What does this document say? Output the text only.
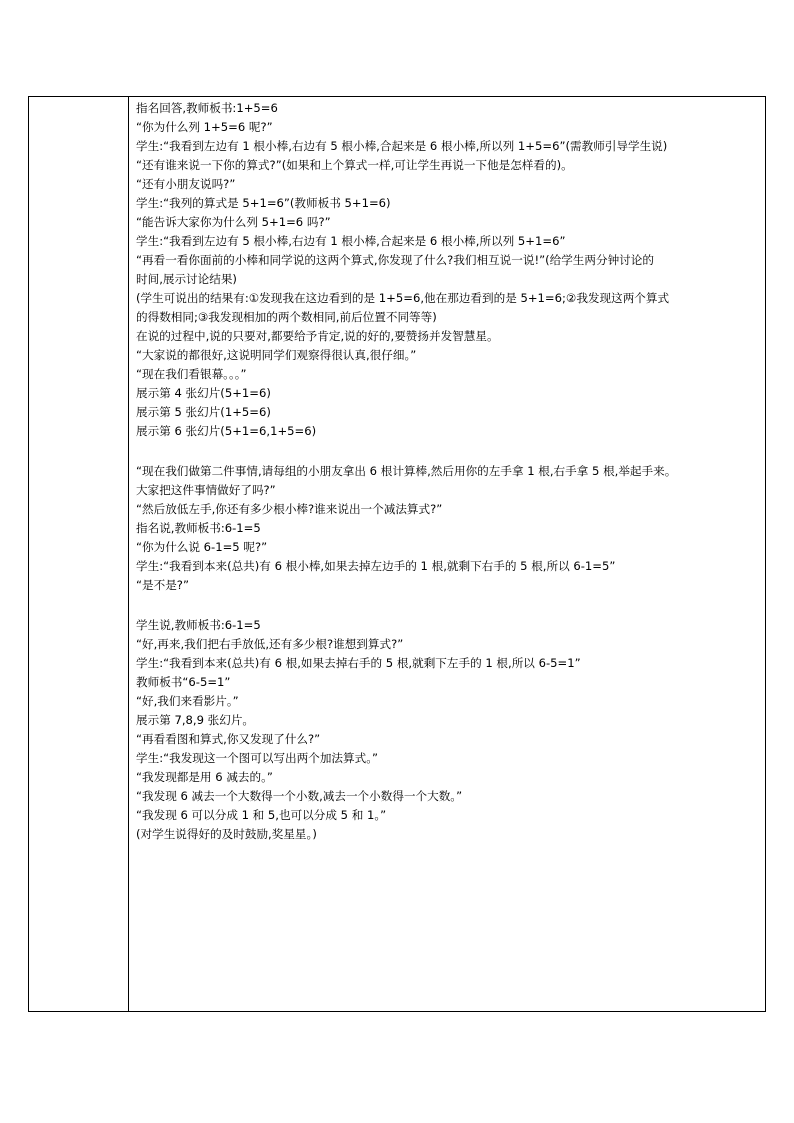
指名回答,教师板书:1+5=6
“你为什么列 1+5=6 呢?”
学生:“我看到左边有 1 根小棒,右边有 5 根小棒,合起来是 6 根小棒,所以列 1+5=6”(需教师引导学生说)
“还有谁来说一下你的算式?”(如果和上个算式一样,可让学生再说一下他是怎样看的)。
“还有小朋友说吗?”
学生:“我列的算式是 5+1=6”(教师板书 5+1=6)
“能告诉大家你为什么列 5+1=6 吗?”
学生:“我看到左边有 5 根小棒,右边有 1 根小棒,合起来是 6 根小棒,所以列 5+1=6”
“再看一看你面前的小棒和同学说的这两个算式,你发现了什么?我们相互说一说!”(给学生两分钟讨论的
时间,展示讨论结果)
(学生可说出的结果有:①发现我在这边看到的是 1+5=6,他在那边看到的是 5+1=6;②我发现这两个算式
的得数相同;③我发现相加的两个数相同,前后位置不同等等)
在说的过程中,说的只要对,都要给予肯定,说的好的,要赞扬并发智慧星。
“大家说的都很好,这说明同学们观察得很认真,很仔细。”
“现在我们看银幕。。。”
展示第 4 张幻片(5+1=6)
展示第 5 张幻片(1+5=6)
展示第 6 张幻片(5+1=6,1+5=6)
“现在我们做第二件事情,请每组的小朋友拿出 6 根计算棒,然后用你的左手拿 1 根,右手拿 5 根,举起手来。
大家把这件事情做好了吗?”
“然后放低左手,你还有多少根小棒?谁来说出一个减法算式?”
指名说,教师板书:6-1=5
“你为什么说 6-1=5 呢?”
学生:“我看到本来(总共)有 6 根小棒,如果去掉左边手的 1 根,就剩下右手的 5 根,所以 6-1=5”
“是不是?”
学生说,教师板书:6-1=5
“好,再来,我们把右手放低,还有多少根?谁想到算式?”
学生:“我看到本来(总共)有 6 根,如果去掉右手的 5 根,就剩下左手的 1 根,所以 6-5=1”
教师板书“6-5=1”
“好,我们来看影片。”
展示第 7,8,9 张幻片。
“再看看图和算式,你又发现了什么?”
学生:“我发现这一个图可以写出两个加法算式。”
“我发现都是用 6 减去的。”
“我发现 6 减去一个大数得一个小数,减去一个小数得一个大数。”
“我发现 6 可以分成 1 和 5,也可以分成 5 和 1。”
(对学生说得好的及时鼓励,奖星星。)
